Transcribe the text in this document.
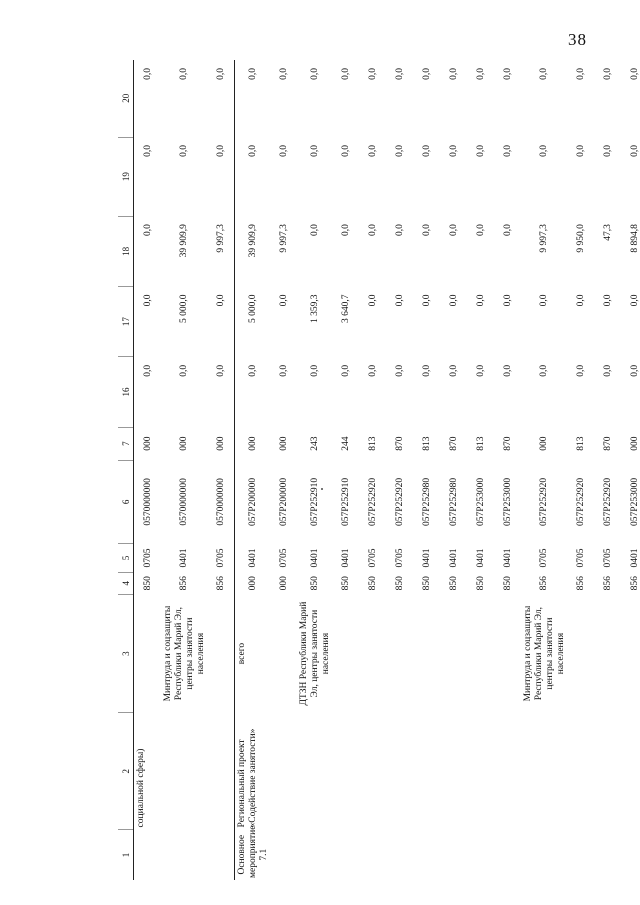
38
1	2	3	4	5	6	7	16	17	18	19	20
	социальной сферы)		850	0705	0570000000	000	0,0	0,0	0,0	0,0	0,0
		Минтруда и соцзащиты Республики Марий Эл, центры занятости населения	856	0401	0570000000	000	0,0	5 000,0	39 909,9	0,0	0,0
			856	0705	0570000000	000	0,0	0,0	9 997,3	0,0	0,0
Основное мероприятие 7.1	Региональный проект «Содействие занятости»	всего	000	0401	057P200000	000	0,0	5 000,0	39 909,9	0,0	0,0
			000	0705	057P200000	000	0,0	0,0	9 997,3	0,0	0,0
		ДТЗН Республики Марий Эл, центры занятости населения	850	0401	057P252910	243	0,0	1 359,3	0,0	0,0	0,0
			850	0401	057P252910	244	0,0	3 640,7	0,0	0,0	0,0
			850	0705	057P252920	813	0,0	0,0	0,0	0,0	0,0
			850	0705	057P252920	870	0,0	0,0	0,0	0,0	0,0
			850	0401	057P252980	813	0,0	0,0	0,0	0,0	0,0
			850	0401	057P252980	870	0,0	0,0	0,0	0,0	0,0
			850	0401	057P253000	813	0,0	0,0	0,0	0,0	0,0
			850	0401	057P253000	870	0,0	0,0	0,0	0,0	0,0
		Минтруда и соцзащиты Республики Марий Эл, центры занятости населения	856	0705	057P252920	000	0,0	0,0	9 997,3	0,0	0,0
			856	0705	057P252920	813	0,0	0,0	9 950,0	0,0	0,0
			856	0705	057P252920	870	0,0	0,0	47,3	0,0	0,0
			856	0401	057P253000	000	0,0	0,0	8 894,8	0,0	0,0
